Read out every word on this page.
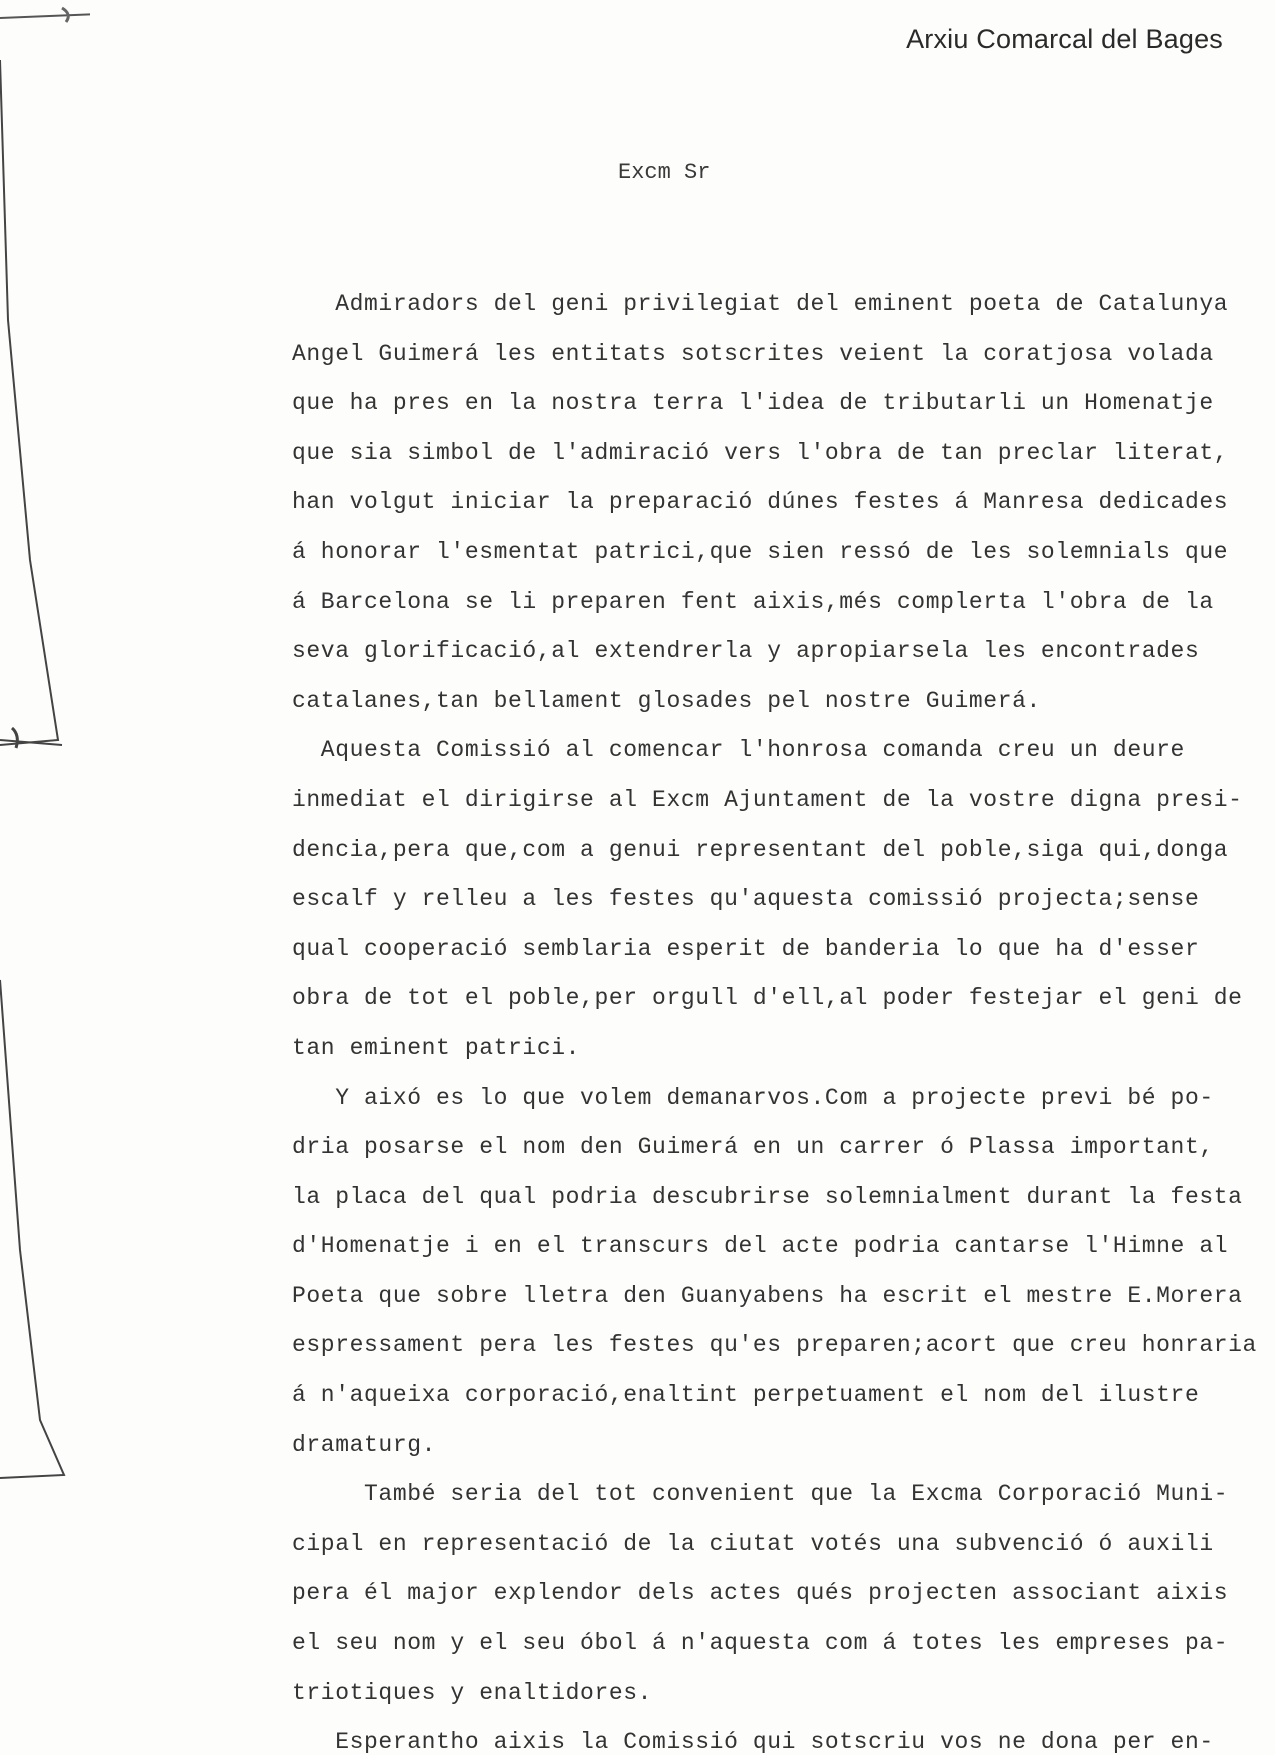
Arxiu Comarcal del Bages
Excm Sr
Admiradors del geni privilegiat del eminent poeta de Catalunya
Angel Guimerá les entitats sotscrites veient la coratjosa volada
que ha pres en la nostra terra l'idea de tributarli un Homenatje
que sia simbol de l'admiració vers l'obra de tan preclar literat,
han volgut iniciar la preparació dúnes festes á Manresa dedicades
á honorar l'esmentat patrici,que sien ressó de les solemnials que
á Barcelona se li preparen fent aixis,més complerta l'obra de la
seva glorificació,al extendrerla y apropiarsela les encontrades
catalanes,tan bellament glosades pel nostre Guimerá.
Aquesta Comissió al comencar l'honrosa comanda creu un deure
inmediat el dirigirse al Excm Ajuntament de la vostre digna presi-
dencia,pera que,com a genui representant del poble,siga qui,donga
escalf y relleu a les festes qu'aquesta comissió projecta;sense
qual cooperació semblaria esperit de banderia lo que ha d'esser
obra de tot el poble,per orgull d'ell,al poder festejar el geni de
tan eminent patrici.
Y aixó es lo que volem demanarvos.Com a projecte previ bé po-
dria posarse el nom den Guimerá en un carrer ó Plassa important,
la placa del qual podria descubrirse solemnialment durant la festa
d'Homenatje i en el transcurs del acte podria cantarse l'Himne al
Poeta que sobre lletra den Guanyabens ha escrit el mestre E.Morera
espressament pera les festes qu'es preparen;acort que creu honraria
á n'aqueixa corporació,enaltint perpetuament el nom del ilustre
dramaturg.
També seria del tot convenient que la Excma Corporació Muni-
cipal en representació de la ciutat votés una subvenció ó auxili
pera él major explendor dels actes qués projecten associant aixis
el seu nom y el seu óbol á n'aquesta com á totes les empreses pa-
triotiques y enaltidores.
Esperantho aixis la Comissió qui sotscriu vos ne dona per en-
